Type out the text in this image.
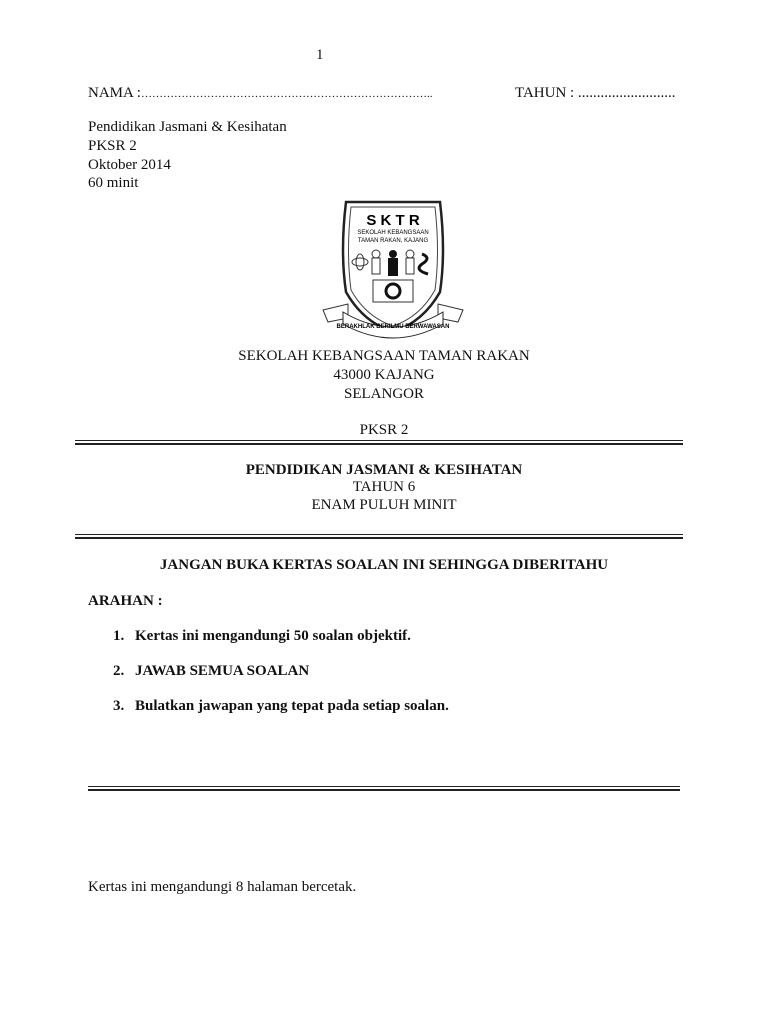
1
NAMA :……………………………………………………………………..	TAHUN : ..........................
Pendidikan Jasmani & Kesihatan
PKSR 2
Oktober 2014
60 minit
S K T R
SEKOLAH KEBANGSAAN
TAMAN RAKAN, KAJANG
BERAKHLAK BERILMU BERWAWASAN
SEKOLAH KEBANGSAAN TAMAN RAKAN
43000 KAJANG
SELANGOR
PKSR 2
PENDIDIKAN JASMANI & KESIHATAN
TAHUN 6
ENAM PULUH MINIT
JANGAN BUKA KERTAS SOALAN INI SEHINGGA DIBERITAHU
ARAHAN :
1. Kertas ini mengandungi 50 soalan objektif.
2. JAWAB SEMUA SOALAN
3. Bulatkan jawapan yang tepat pada setiap soalan.
Kertas ini mengandungi 8 halaman bercetak.
